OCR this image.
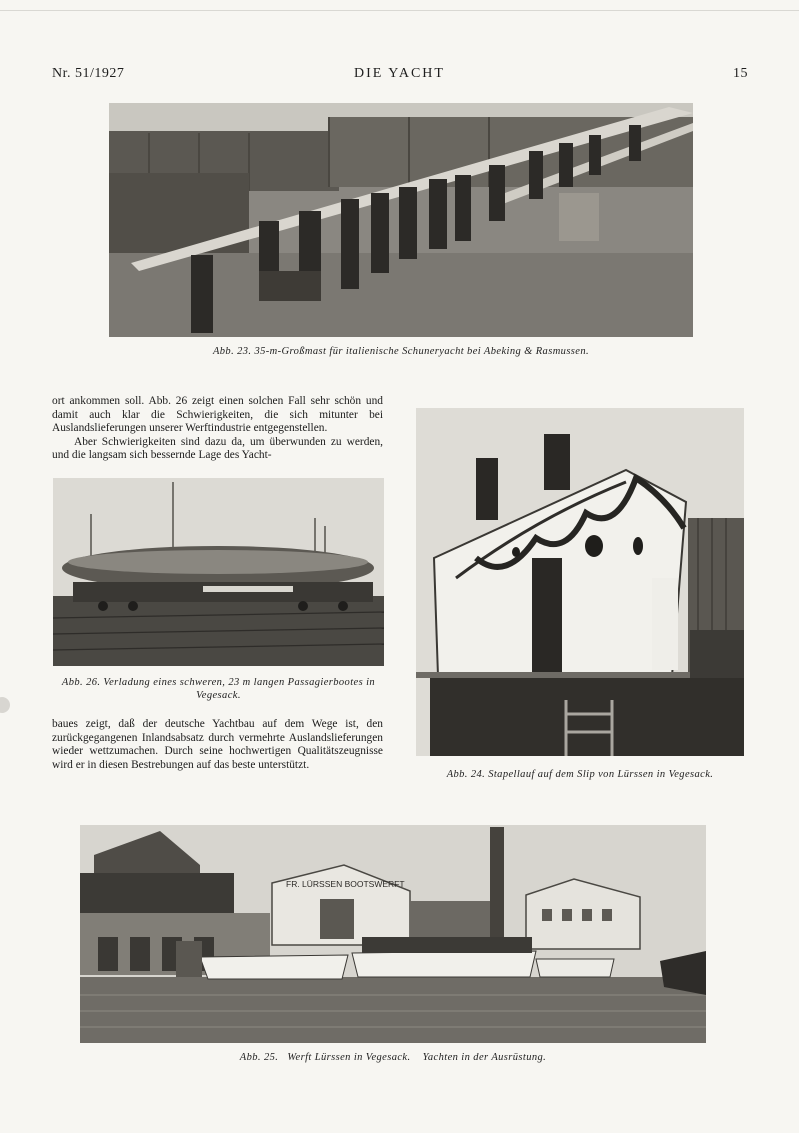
Nr. 51/1927	DIE YACHT	15
Abb. 23. 35-m-Großmast für italienische Schuneryacht bei Abeking & Rasmussen.

ort ankommen soll. Abb. 26 zeigt einen solchen Fall sehr schön und damit auch klar die Schwierigkeiten, die sich mitunter bei Auslandslieferungen unserer Werftindustrie entgegenstellen.

Aber Schwierigkeiten sind dazu da, um überwunden zu werden, und die langsam sich bessernde Lage des Yacht-

Abb. 26. Verladung eines schweren, 23 m langen Passagierbootes in Vegesack.

baues zeigt, daß der deutsche Yachtbau auf dem Wege ist, den zurückgegangenen Inlandsabsatz durch vermehrte Auslandslieferungen wieder wettzumachen. Durch seine hochwertigen Qualitätszeugnisse wird er in diesen Bestrebungen auf das beste unterstützt.

Abb. 24. Stapellauf auf dem Slip von Lürssen in Vegesack.
FR. LÜRSSEN BOOTSWERFT
Abb. 25.   Werft Lürssen in Vegesack.    Yachten in der Ausrüstung.
